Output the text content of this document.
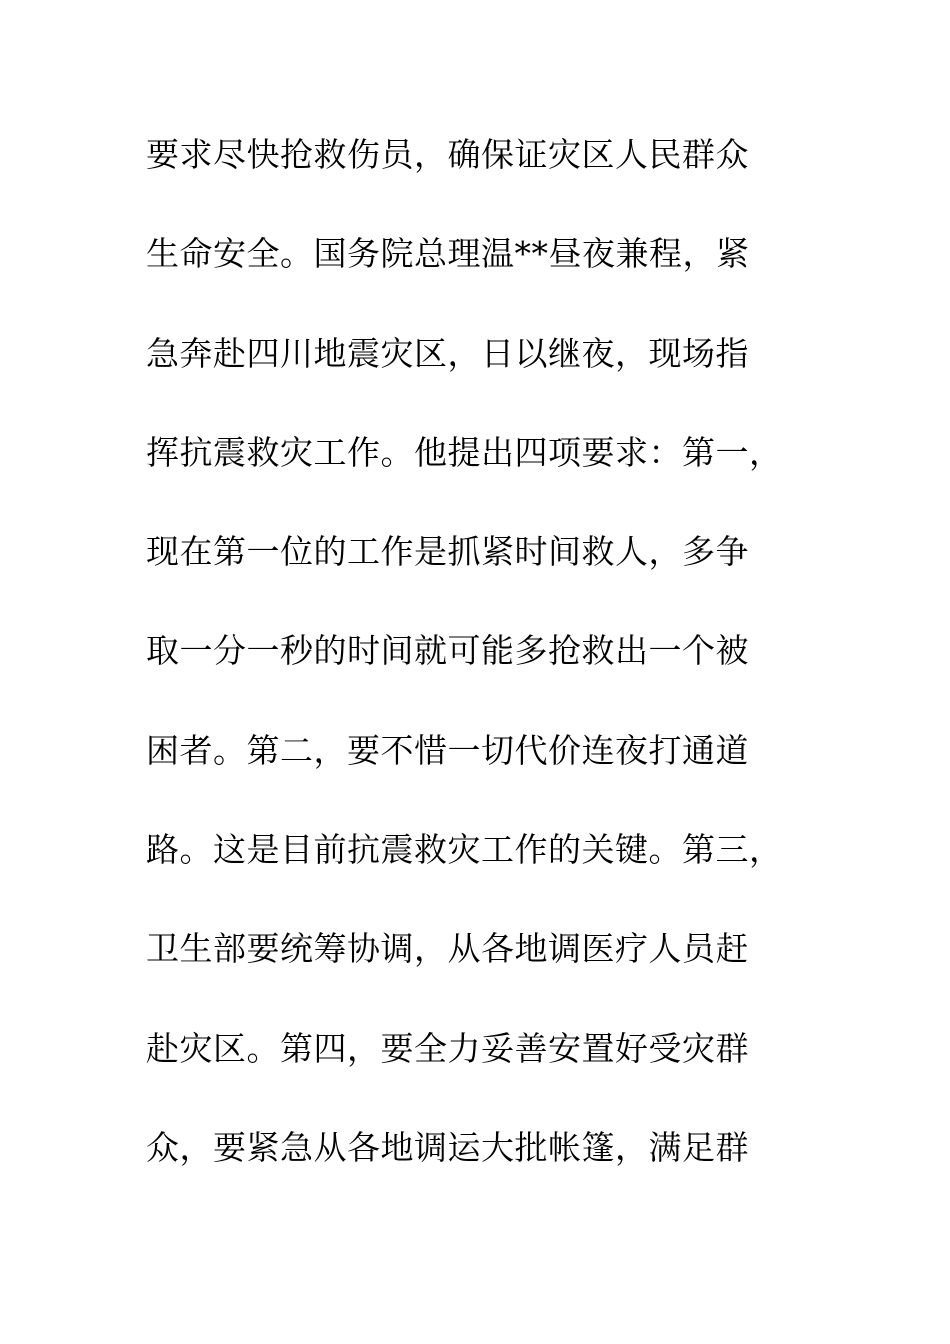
要求尽快抢救伤员，确保证灾区人民群众
生命安全。国务院总理温**昼夜兼程，紧
急奔赴四川地震灾区，日以继夜，现场指
挥抗震救灾工作。他提出四项要求：第一，
现在第一位的工作是抓紧时间救人，多争
取一分一秒的时间就可能多抢救出一个被
困者。第二，要不惜一切代价连夜打通道
路。这是目前抗震救灾工作的关键。第三，
卫生部要统筹协调，从各地调医疗人员赶
赴灾区。第四，要全力妥善安置好受灾群
众，要紧急从各地调运大批帐篷，满足群
